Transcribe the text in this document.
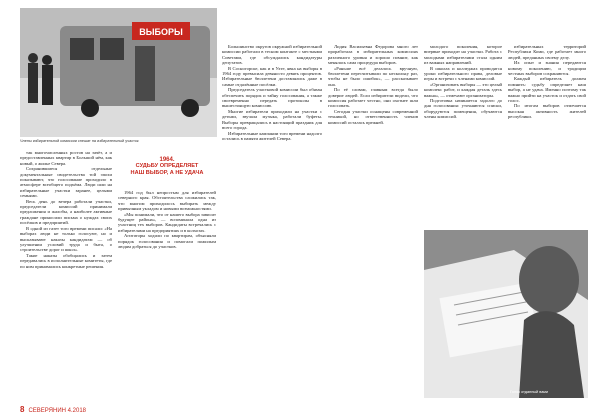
ВЫБОРЫ
Члены избирательной комиссии спешат на избирательный участок
1964.
СУДЬБУ ОПРЕДЕЛЯЕТ
НАШ ВЫБОР, А НЕ УДАЧА

так многочисленных ростов на зачёт, а и предоставленных квартир в Большой нём, как новый, о жилье Севера.

Сохранившиеся отдельные документальные свидетельства той эпохи показывают, что голосование проходило в атмосфере всеобщего подъёма. Люди шли на избирательные участки заранее, целыми семьями.

Весь день до вечера работали участки, председатели комиссий принимали предложения и жалобы, а наиболее активные граждане приносили письма о нуждах своих посёлков и предприятий.

В одной из газет того времени писали: «На выборах люди не только голосуют, но и высказывают наказы кандидатам — об улучшении условий труда и быта, о строительстве дорог и школ».

Такие наказы обобщались и затем передавались в исполнительные комитеты, где по ним принимались конкретные решения.

1964 год был непростым для избирателей северного края. Обстоятельства сложились так, что многим приходилось выбирать между привычным укладом и новыми возможностями.

«Мы понимали, что от нашего выбора зависит будущее района», — вспоминала одна из участниц тех выборов. Кандидаты встречались с избирателями на предприятиях и в колхозах.

Агитаторы ходили по квартирам, объясняли порядок голосования и помогали пожилым людям добраться до участков.

Большинство округов окружной избирательной комиссии работали в тесном контакте с местными Советами, где обсуждались кандидатуры депутатов.

В Сосногорске, как и в Ухте, явка на выборы в 1964 году превысила девяносто девять процентов. Избирательные бюллетени доставлялись даже в самые отдалённые посёлки.

Председатель участковой комиссии был обязан обеспечить порядок и тайну голосования, а также своевременно передать протоколы в вышестоящую комиссию.

Многие избиратели приходили на участки с детьми, звучала музыка, работали буфеты. Выборы превращались в настоящий праздник для всего города.

Избирательные кампании того времени надолго остались в памяти жителей Севера.

Лидия Васильевна Федорова много лет проработала в избирательных комиссиях различного уровня и хорошо помнит, как менялась сама процедура выборов.

«Раньше всё делалось вручную, бюллетени пересчитывали по нескольку раз, чтобы не было ошибок», — рассказывает она.

По её словам, главным всегда было доверие людей. Если избиратели видели, что комиссия работает честно, они охотнее шли голосовать.

Сегодня участки оснащены современной техникой, но ответственность членов комиссий осталась прежней.

молодого поколения, которое впервые приходит на участки. Работа с молодыми избирателями стала одним из важных направлений.

В школах и колледжах проводятся уроки избирательного права, деловые игры и встречи с членами комиссий.

«Организовать выборы — это целый комплекс работ, и каждая деталь здесь важна», — отмечают организаторы.

Подготовка начинается задолго до дня голосования: уточняются списки, оборудуются помещения, обучаются члены комиссий.

избирательных территорий Республики Коми, где работает много людей, преданных своему делу.

Их опыт и знания передаются новому поколению, и традиции честных выборов сохраняются.

Каждый избиратель должен помнить: судьбу определяет наш выбор, а не удача. Именно поэтому так важно прийти на участок и отдать свой голос.

По итогам выборов отмечается высокая активность жителей республики.

Голос отданный вами
8 СЕВЕРЯНИН 4.2018
